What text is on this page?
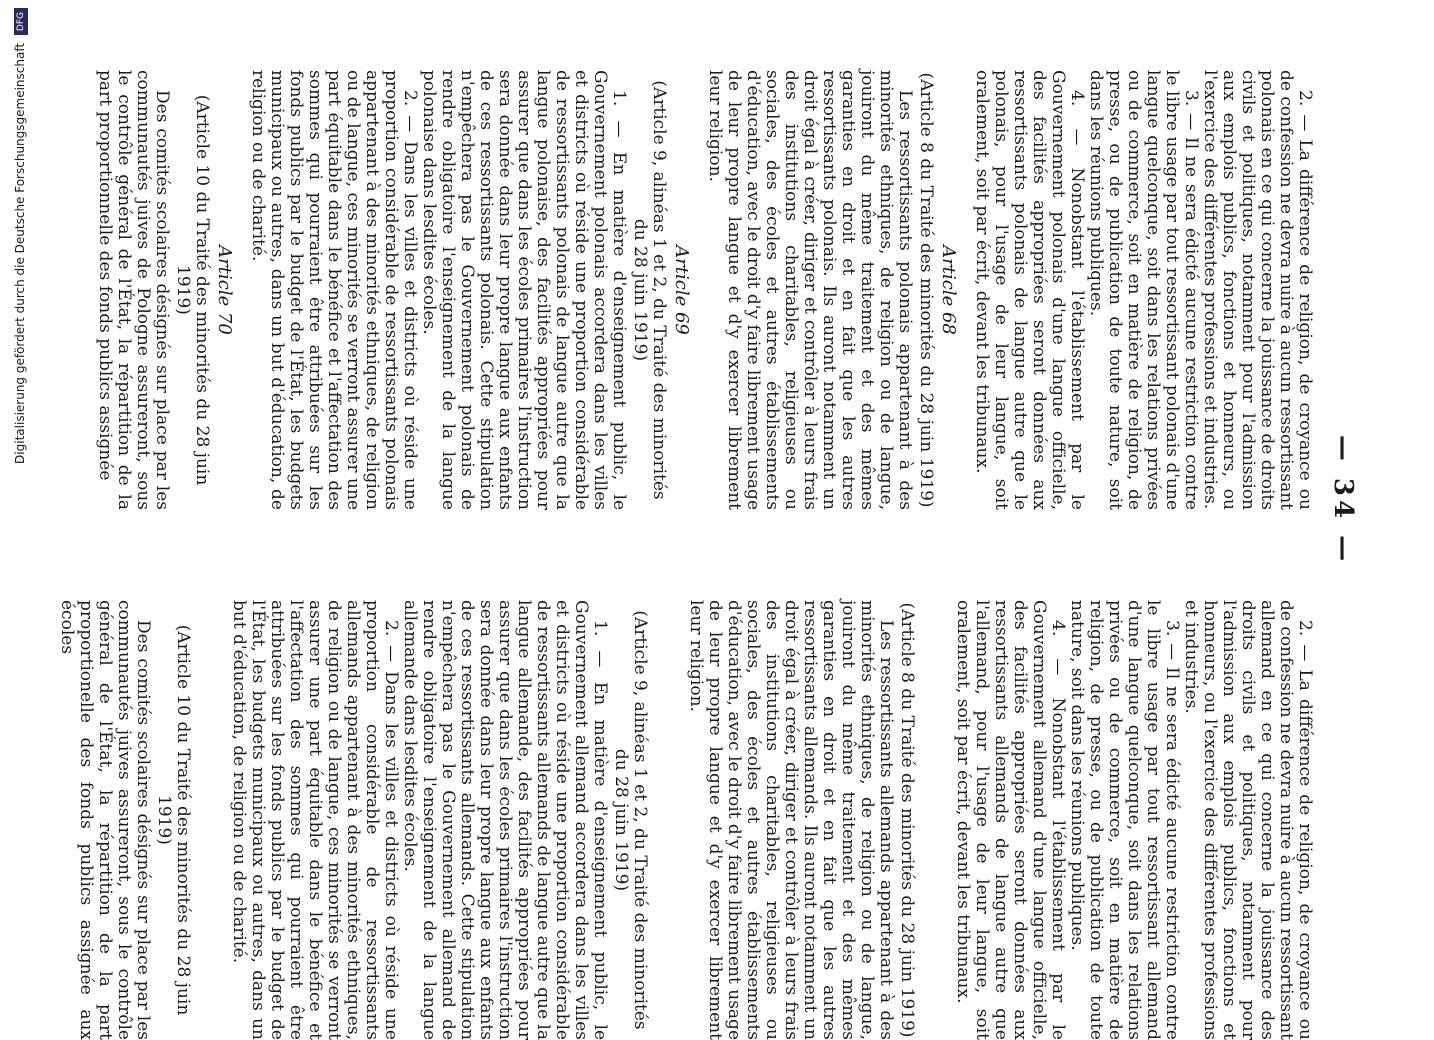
— 34 —

2. — La différence de religion, de croyance ou de confession ne devra nuire à aucun ressortissant allemand en ce qui concerne la jouissance des droits civils et politiques, notamment pour l'admission aux emplois publics, fonctions et honneurs, ou l'exercice des différentes professions et industries.

3. — Il ne sera édicté aucune restriction contre le libre usage par tout ressortissant allemand d'une langue quelconque, soit dans les relations privées ou de commerce, soit en matière de religion, de presse, ou de publication de toute nature, soit dans les réunions publiques.

4. — Nonobstant l'établissement par le Gouvernement allemand d'une langue officielle, des facilités appropriées seront données aux ressortissants allemands de langue autre que l'allemand, pour l'usage de leur langue, soit oralement, soit par écrit, devant les tribunaux.

(Article 8 du Traité des minorités du 28 juin 1919)

Les ressortissants allemands appartenant à des minorités ethniques, de religion ou de langue, jouiront du même traitement et des mêmes garanties en droit et en fait que les autres ressortissants allemands. Ils auront notamment un droit égal à créer, diriger et contrôler à leurs frais des institutions charitables, religieuses ou sociales, des écoles et autres établissements d'éducation, avec le droit d'y faire librement usage de leur propre langue et d'y exercer librement leur religion.

(Article 9, alinéas 1 et 2, du Traité des minorités du 28 juin 1919)

1. — En matière d'enseignement public, le Gouvernement allemand accordera dans les villes et districts où réside une proportion considérable de ressortissants allemands de langue autre que la langue allemande, des facilités appropriées pour assurer que dans les écoles primaires l'instruction sera donnée dans leur propre langue aux enfants de ces ressortissants allemands. Cette stipulation n'empêchera pas le Gouvernement allemand de rendre obligatoire l'enseignement de la langue allemande dans lesdites écoles.

2. — Dans les villes et districts où réside une proportion considérable de ressortissants allemands appartenant à des minorités ethniques, de religion ou de langue, ces minorités se verront assurer une part équitable dans le bénéfice et l'affectation des sommes qui pourraient être attribuées sur les fonds publics par le budget de l'État, les budgets municipaux ou autres, dans un but d'éducation, de religion ou de charité.

(Article 10 du Traité des minorités du 28 juin 1919)

Des comités scolaires désignés sur place par les communautés juives assureront, sous le contrôle général de l'État, la répartition de la part proportionelle des fonds publics assignée aux écoles

2. — La différence de religion, de croyance ou de confession ne devra nuire à aucun ressortissant polonais en ce qui concerne la jouissance de droits civils et politiques, notamment pour l'admission aux emplois publics, fonctions et honneurs, ou l'exercice des différentes professions et industries.

3. — Il ne sera édicté aucune restriction contre le libre usage par tout ressortissant polonais d'une langue quelconque, soit dans les relations privées ou de commerce, soit en matière de religion, de presse, ou de publication de toute nature, soit dans les réunions publiques.

4. — Nonobstant l'établissement par le Gouvernement polonais d'une langue officielle, des facilités appropriées seront données aux ressortissants polonais de langue autre que le polonais, pour l'usage de leur langue, soit oralement, soit par écrit, devant les tribunaux.

Article 68
(Article 8 du Traité des minorités du 28 juin 1919)

Les ressortissants polonais appartenant à des minorités ethniques, de religion ou de langue, jouiront du même traitement et des mêmes garanties en droit et en fait que les autres ressortissants polonais. Ils auront notamment un droit égal à créer, diriger et contrôler à leurs frais des institutions charitables, religieuses ou sociales, des écoles et autres établissements d'éducation, avec le droit d'y faire librement usage de leur propre langue et d'y exercer librement leur religion.

Article 69
(Article 9, alinéas 1 et 2, du Traité des minorités du 28 juin 1919)

1. — En matière d'enseignement public, le Gouvernement polonais accordera dans les villes et districts où réside une proportion considérable de ressortissants polonais de langue autre que la langue polonaise, des facilités appropriées pour assurer que dans les écoles primaires l'instruction sera donnée dans leur propre langue aux enfants de ces ressortissants polonais. Cette stipulation n'empêchera pas le Gouvernement polonais de rendre obligatoire l'enseignement de la langue polonaise dans lesdites écoles.

2. — Dans les villes et districts où réside une proportion considérable de ressortissants polonais appartenant à des minorités ethniques, de religion ou de langue, ces minorités se verront assurer une part équitable dans le bénéfice et l'affectation des sommes qui pourraient être attribuées sur les fonds publics par le budget de l'État, les budgets municipaux ou autres, dans un but d'éducation, de religion ou de charité.

Article 70
(Article 10 du Traité des minorités du 28 juin 1919)

Des comités scolaires désignés sur place par les communautés juives de Pologne assureront, sous le contrôle général de l'État, la répartition de la part proportionnelle des fonds publics assignée

Digitalisierung gefördert durch die Deutsche Forschungsgemeinschaft DFG
